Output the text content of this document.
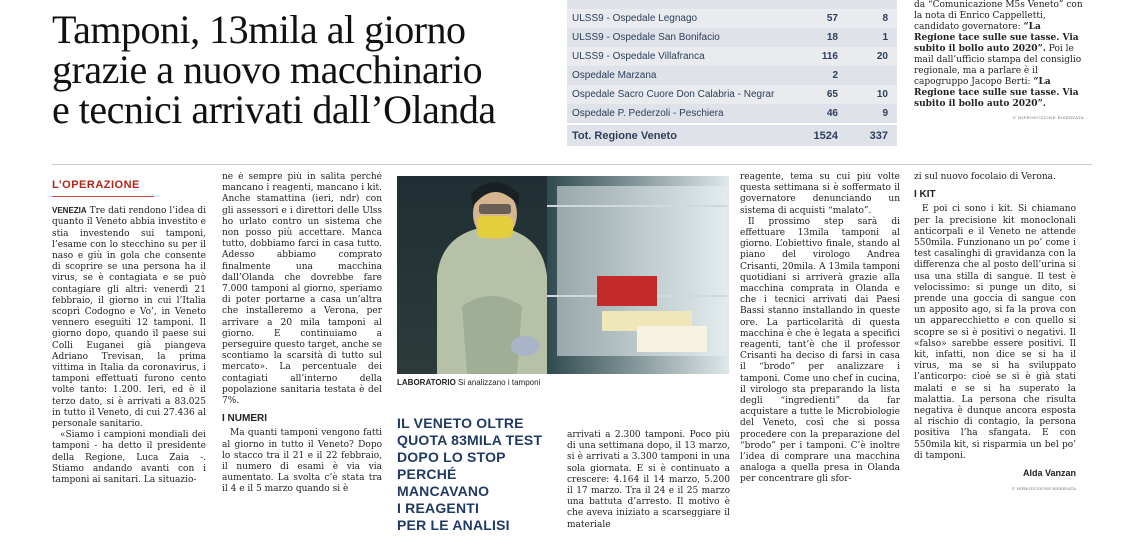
Tamponi, 13mila al giorno
grazie a nuovo macchinario
e tecnici arrivati dall’Olanda
ULSS9 - Ospedale Legnago	57	8
ULSS9 - Ospedale San Bonifacio	18	1
ULSS9 - Ospedale Villafranca	116	20
Ospedale Marzana	2
Ospedale Sacro Cuore Don Calabria - Negrar	65	10
Ospedale P. Pederzoli - Peschiera	46	9
Tot. Regione Veneto	1524	337
da “Comunicazione M5s Veneto” con la nota di Enrico Cappelletti, candidato governatore: “La Regione tace sulle sue tasse. Via subito il bollo auto 2020”. Poi le mail dall’ufficio stampa del consiglio regionale, ma a parlare è il capogruppo Jacopo Berti: “La Regione tace sulle sue tasse. Via subito il bollo auto 2020”.
© RIPRODUZIONE RISERVATA
L’OPERAZIONE
VENEZIA Tre dati rendono l’idea di quanto il Veneto abbia investito e stia investendo sui tamponi, l’esame con lo stecchino su per il naso e giù in gola che consente di scoprire se una persona ha il virus, se è contagiata e se può contagiare gli altri: venerdì 21 febbraio, il giorno in cui l’Italia scoprì Codogno e Vo’, in Veneto vennero eseguiti 12 tamponi. Il giorno dopo, quando il paese sui Colli Euganei già piangeva Adriano Trevisan, la prima vittima in Italia da coronavirus, i tamponi effettuati furono cento volte tanto: 1.200. Ieri, ed è il terzo dato, si è arrivati a 83.025 in tutto il Veneto, di cui 27.436 al personale sanitario.
«Siamo i campioni mondiali dei tamponi - ha detto il presidente della Regione, Luca Zaia -. Stiamo andando avanti con i tamponi ai sanitari. La situazio-
ne è sempre più in salita perché mancano i reagenti, mancano i kit. Anche stamattina (ieri, ndr) con gli assessori e i direttori delle Ulss ho urlato contro un sistema che non posso più accettare. Manca tutto, dobbiamo farci in casa tutto. Adesso abbiamo comprato finalmente una macchina dall’Olanda che dovrebbe fare 7.000 tamponi al giorno, speriamo di poter portarne a casa un’altra che installeremo a Verona, per arrivare a 20 mila tamponi al giorno. E continuiamo a perseguire questo target, anche se scontiamo la scarsità di tutto sul mercato». La percentuale dei contagiati all’interno della popolazione sanitaria testata è del 7%.
I NUMERI
Ma quanti tamponi vengono fatti al giorno in tutto il Veneto? Dopo lo stacco tra il 21 e il 22 febbraio, il numero di esami è via via aumentato. La svolta c’è stata tra il 4 e il 5 marzo quando si è
LABORATORIO Si analizzano i tamponi
IL VENETO OLTRE
QUOTA 83MILA TEST
DOPO LO STOP
PERCHÉ MANCAVANO
I REAGENTI
PER LE ANALISI
arrivati a 2.300 tamponi. Poco più di una settimana dopo, il 13 marzo, si è arrivati a 3.300 tamponi in una sola giornata. E si è continuato a crescere: 4.164 il 14 marzo, 5.200 il 17 marzo. Tra il 24 e il 25 marzo una battuta d’arresto. Il motivo è che aveva iniziato a scarseggiare il materiale
reagente, tema su cui più volte questa settimana si è soffermato il governatore denunciando un sistema di acquisti “malato”.
Il prossimo step sarà di effettuare 13mila tamponi al giorno. L’obiettivo finale, stando al piano del virologo Andrea Crisanti, 20mila. A 13mila tamponi quotidiani si arriverà grazie alla macchina comprata in Olanda e che i tecnici arrivati dai Paesi Bassi stanno installando in queste ore. La particolarità di questa macchina è che è legata a specifici reagenti, tant’è che il professor Crisanti ha deciso di farsi in casa il “brodo” per analizzare i tamponi. Come uno chef in cucina, il virologo sta preparando la lista degli “ingredienti” da far acquistare a tutte le Microbiologie del Veneto, così che si possa procedere con la preparazione del “brodo” per i tamponi. C’è inoltre l’idea di comprare una macchina analoga a quella presa in Olanda per concentrare gli sfor-
zi sul nuovo focolaio di Verona.
I KIT
E poi ci sono i kit. Si chiamano per la precisione kit monoclonali anticorpali e il Veneto ne attende 550mila. Funzionano un po’ come i test casalinghi di gravidanza con la differenza che al posto dell’urina si usa una stilla di sangue. Il test è velocissimo: si punge un dito, si prende una goccia di sangue con un apposito ago, si fa la prova con un apparecchietto e con quello si scopre se si è positivi o negativi. Il «falso» sarebbe essere positivi. Il kit, infatti, non dice se si ha il virus, ma se si ha sviluppato l’anticorpo: cioè se si è già stati malati e se si ha superato la malattia. La persona che risulta negativa è dunque ancora esposta al rischio di contagio, la persona positiva l’ha sfangata. E con 550mila kit, si risparmia un bel po’ di tamponi.
Alda Vanzan
© RIPRODUZIONE RISERVATA
